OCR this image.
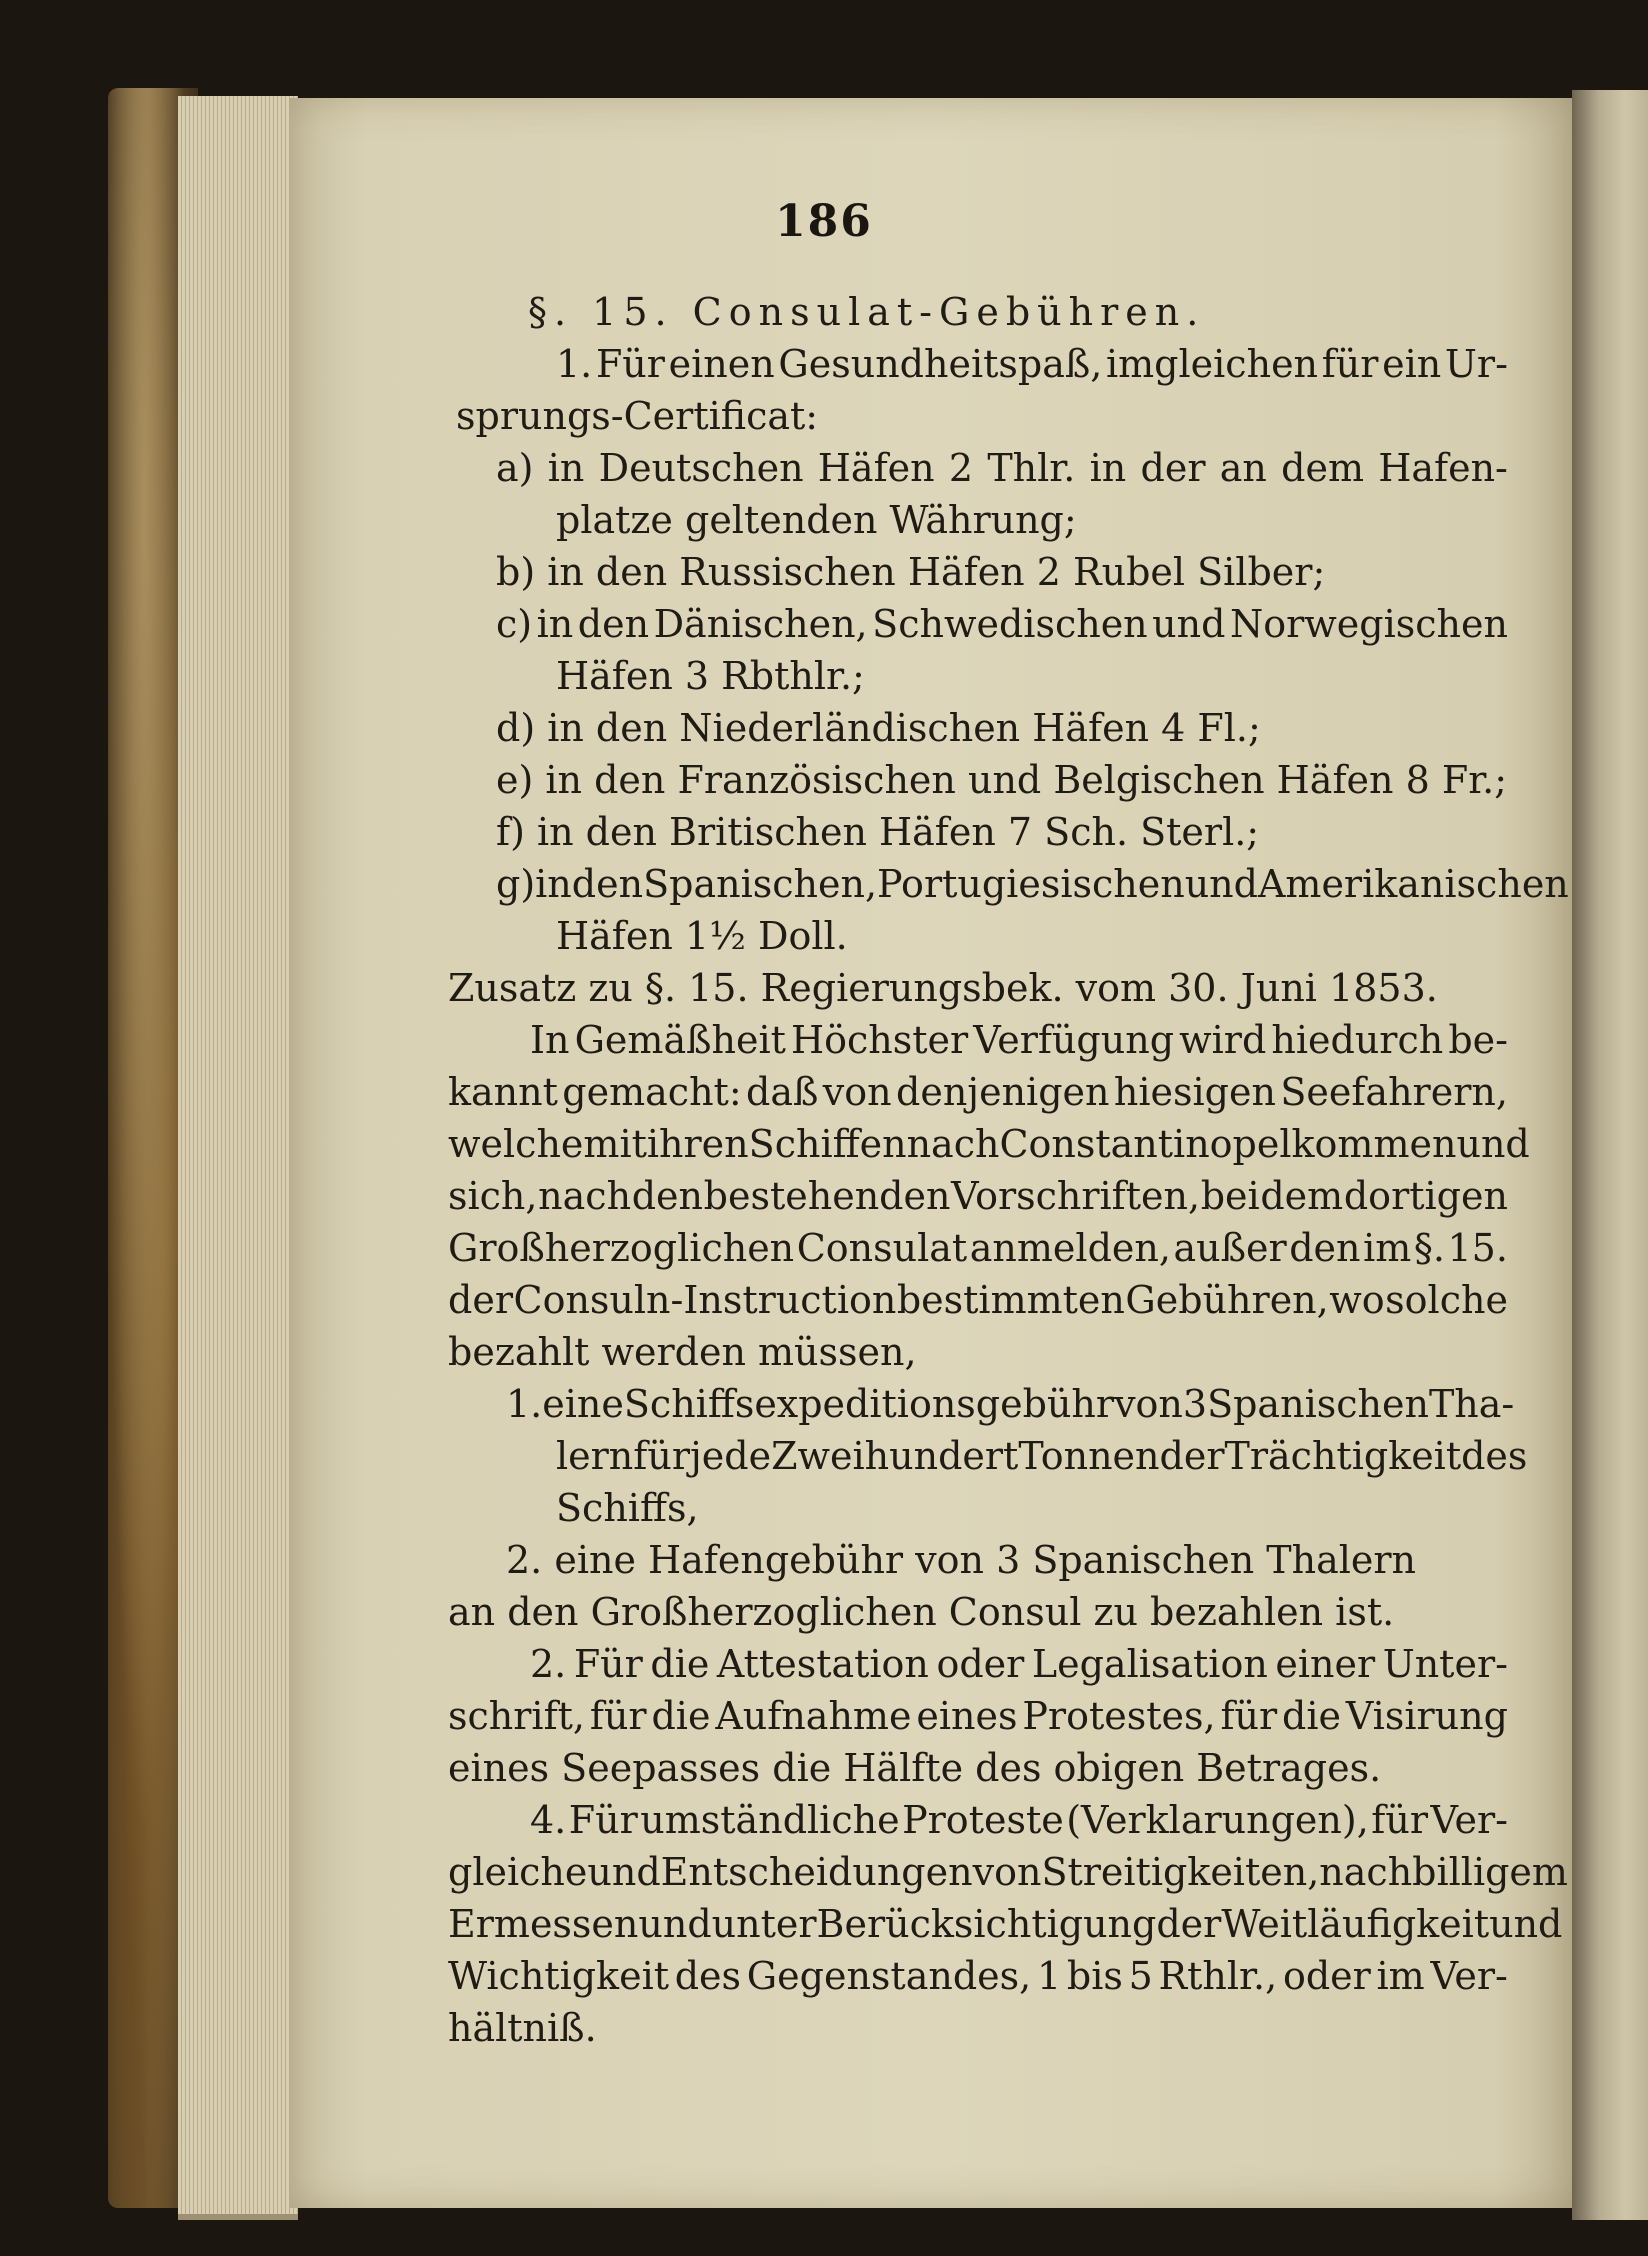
186
§. 15. Consulat-Gebühren.
1. Für einen Gesundheitspaß, imgleichen für ein Ur-
sprungs-Certificat:
a) in Deutschen Häfen 2 Thlr. in der an dem Hafen-
platze geltenden Währung;
b) in den Russischen Häfen 2 Rubel Silber;
c) in den Dänischen, Schwedischen und Norwegischen
Häfen 3 Rbthlr.;
d) in den Niederländischen Häfen 4 Fl.;
e) in den Französischen und Belgischen Häfen 8 Fr.;
f) in den Britischen Häfen 7 Sch. Sterl.;
g) in den Spanischen, Portugiesischen und Amerikanischen
Häfen 1½ Doll.
Zusatz zu §. 15. Regierungsbek. vom 30. Juni 1853.
In Gemäßheit Höchster Verfügung wird hiedurch be-
kannt gemacht: daß von denjenigen hiesigen Seefahrern,
welche mit ihren Schiffen nach Constantinopel kommen und
sich, nach den bestehenden Vorschriften, bei dem dortigen
Großherzoglichen Consulat anmelden, außer den im §. 15.
der Consuln-Instruction bestimmten Gebühren, wo solche
bezahlt werden müssen,
1. eine Schiffsexpeditionsgebühr von 3 Spanischen Tha-
lern für jede Zweihundert Tonnen der Trächtigkeit des
Schiffs,
2. eine Hafengebühr von 3 Spanischen Thalern
an den Großherzoglichen Consul zu bezahlen ist.
2. Für die Attestation oder Legalisation einer Unter-
schrift, für die Aufnahme eines Protestes, für die Visirung
eines Seepasses die Hälfte des obigen Betrages.
4. Für umständliche Proteste (Verklarungen), für Ver-
gleiche und Entscheidungen von Streitigkeiten, nach billigem
Ermessen und unter Berücksichtigung der Weitläufigkeit und
Wichtigkeit des Gegenstandes, 1 bis 5 Rthlr., oder im Ver-
hältniß.
